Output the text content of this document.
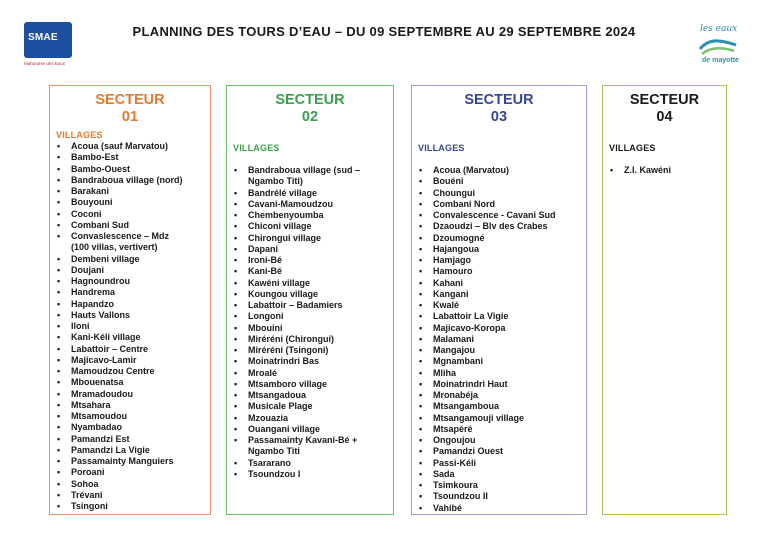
SMAE
Mahoraise des Eaux
PLANNING DES TOURS D’EAU – DU 09 SEPTEMBRE AU 29 SEPTEMBRE 2024	les eaux
de mayotte
SECTEUR
01
VILLAGES
• Acoua (sauf Marvatou)
• Bambo-Est
• Bambo-Ouest
• Bandraboua village (nord)
• Barakani
• Bouyouni
• Coconi
• Combani Sud
• Convaslescence – Mdz
(100 villas, vertivert)
• Dembeni village
• Doujani
• Hagnoundrou
• Handrema
• Hapandzo
• Hauts Vallons
• Iloni
• Kani-Kéli village
• Labattoir – Centre
• Majicavo-Lamir
• Mamoudzou Centre
• Mbouenatsa
• Mramadoudou
• Mtsahara
• Mtsamoudou
• Nyambadao
• Pamandzi Est
• Pamandzi La Vigie
• Passamainty Manguiers
• Poroani
• Sohoa
• Trévani
• Tsingoni
SECTEUR
02
VILLAGES
• Bandraboua village (sud –
Ngambo Titi)
• Bandrélé village
• Cavani-Mamoudzou
• Chembenyoumba
• Chiconi village
• Chirongui village
• Dapani
• Ironi-Bé
• Kani-Bé
• Kawéni village
• Koungou village
• Labattoir – Badamiers
• Longoni
• Mbouini
• Miréréni (Chirongui)
• Miréréni (Tsingoni)
• Moinatrindri Bas
• Mroalé
• Mtsamboro village
• Mtsangadoua
• Musicale Plage
• Mzouazia
• Ouangani village
• Passamainty Kavani-Bé +
Ngambo Titi
• Tsararano
• Tsoundzou I
SECTEUR
03
VILLAGES
• Acoua (Marvatou)
• Bouéni
• Choungui
• Combani Nord
• Convalescence - Cavani Sud
• Dzaoudzi – Blv des Crabes
• Dzoumogné
• Hajangoua
• Hamjago
• Hamouro
• Kahani
• Kangani
• Kwalé
• Labattoir La Vigie
• Majicavo-Koropa
• Malamani
• Mangajou
• Mgnambani
• Mliha
• Moinatrindri Haut
• Mronabéja
• Mtsangamboua
• Mtsangamouji village
• Mtsapéré
• Ongoujou
• Pamandzi Ouest
• Passi-Kéli
• Sada
• Tsimkoura
• Tsoundzou II
• Vahibé
SECTEUR
04
VILLAGES
• Z.I. Kawéni
